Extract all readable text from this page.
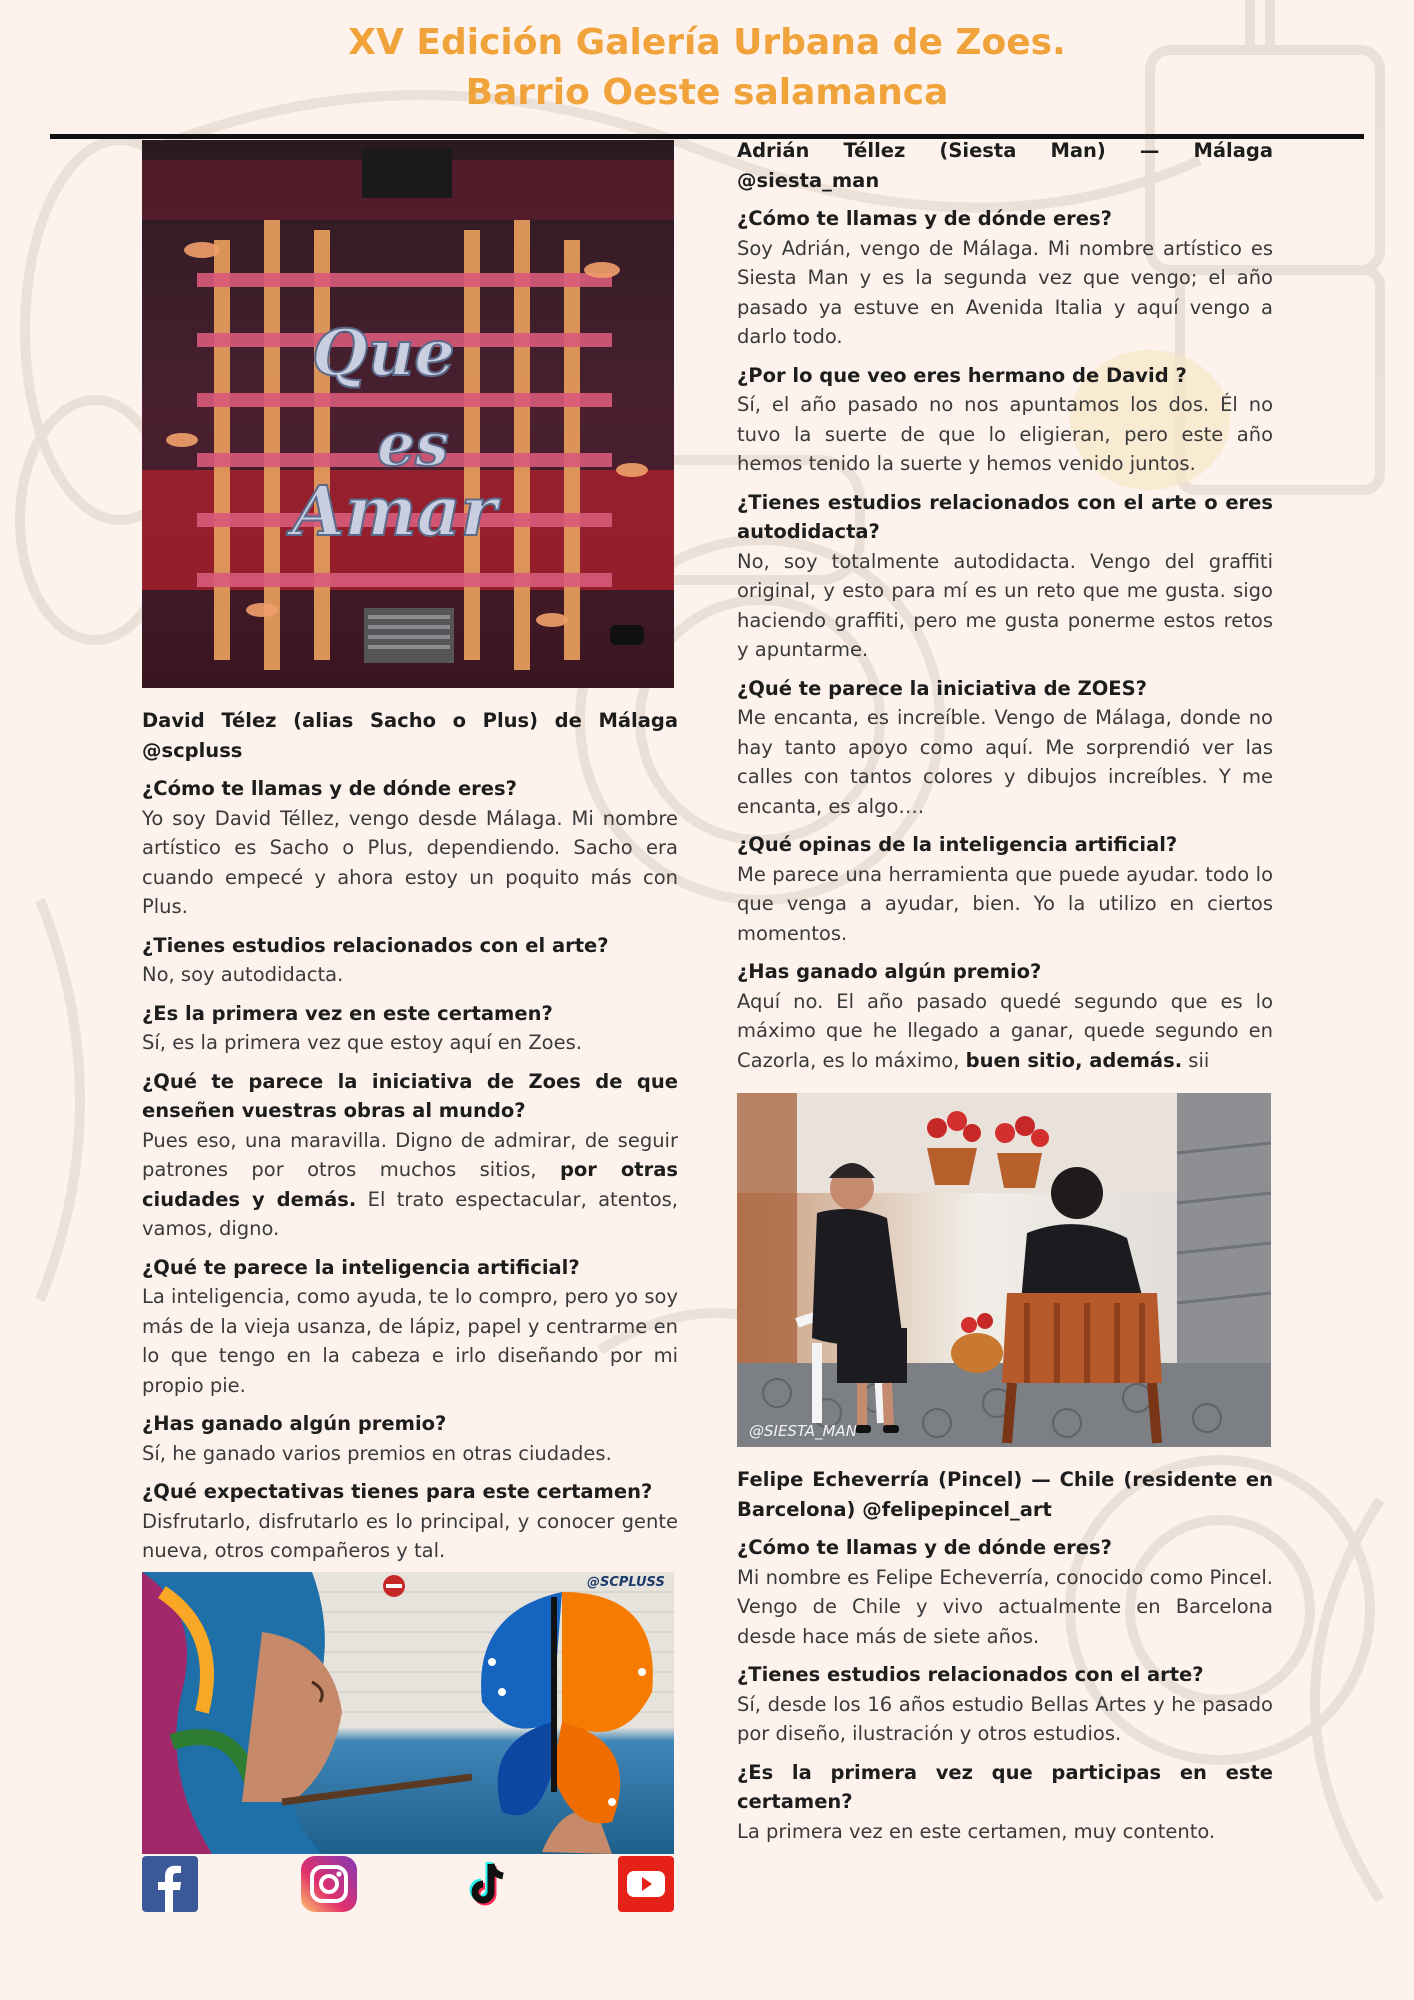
XV Edición Galería Urbana de Zoes.
Barrio Oeste salamanca
Que
es
Amar

David Télez (alias Sacho o Plus) de Málaga @scpluss

¿Cómo te llamas y de dónde eres?

Yo soy David Téllez, vengo desde Málaga. Mi nombre artístico es Sacho o Plus, dependiendo. Sacho era cuando empecé y ahora estoy un poquito más con Plus.

¿Tienes estudios relacionados con el arte?

No, soy autodidacta.

¿Es la primera vez en este certamen?

Sí, es la primera vez que estoy aquí en Zoes.

¿Qué te parece la iniciativa de Zoes de que enseñen vuestras obras al mundo?

Pues eso, una maravilla. Digno de admirar, de seguir patrones por otros muchos sitios, por otras ciudades y demás. El trato espectacular, atentos, vamos, digno.

¿Qué te parece la inteligencia artificial?

La inteligencia, como ayuda, te lo compro, pero yo soy más de la vieja usanza, de lápiz, papel y centrarme en lo que tengo en la cabeza e irlo diseñando por mi propio pie.

¿Has ganado algún premio?

Sí, he ganado varios premios en otras ciudades.

¿Qué expectativas tienes para este certamen?

Disfrutarlo, disfrutarlo es lo principal, y conocer gente nueva, otros compañeros y tal.

@SCPLUSS

Adrián Téllez (Siesta Man) — Málaga @siesta_man

¿Cómo te llamas y de dónde eres?

Soy Adrián, vengo de Málaga. Mi nombre artístico es Siesta Man y es la segunda vez que vengo; el año pasado ya estuve en Avenida Italia y aquí vengo a darlo todo.

¿Por lo que veo eres hermano de David ?

Sí, el año pasado no nos apuntamos los dos. Él no tuvo la suerte de que lo eligieran, pero este año hemos tenido la suerte y hemos venido juntos.

¿Tienes estudios relacionados con el arte o eres autodidacta?

No, soy totalmente autodidacta. Vengo del graffiti original, y esto para mí es un reto que me gusta. sigo haciendo graffiti, pero me gusta ponerme estos retos y apuntarme.

¿Qué te parece la iniciativa de ZOES?

Me encanta, es increíble. Vengo de Málaga, donde no hay tanto apoyo como aquí. Me sorprendió ver las calles con tantos colores y dibujos increíbles. Y me encanta, es algo….

¿Qué opinas de la inteligencia artificial?

Me parece una herramienta que puede ayudar. todo lo que venga a ayudar, bien. Yo la utilizo en ciertos momentos.

¿Has ganado algún premio?

Aquí no. El año pasado quedé segundo que es lo máximo que he llegado a ganar, quede segundo en Cazorla, es lo máximo, buen sitio, además. sii

@SIESTA_MAN

Felipe Echeverría (Pincel) — Chile (residente en Barcelona) @felipepincel_art

¿Cómo te llamas y de dónde eres?

Mi nombre es Felipe Echeverría, conocido como Pincel. Vengo de Chile y vivo actualmente en Barcelona desde hace más de siete años.

¿Tienes estudios relacionados con el arte?

Sí, desde los 16 años estudio Bellas Artes y he pasado por diseño, ilustración y otros estudios.

¿Es la primera vez que participas en este certamen?

La primera vez en este certamen, muy contento.
